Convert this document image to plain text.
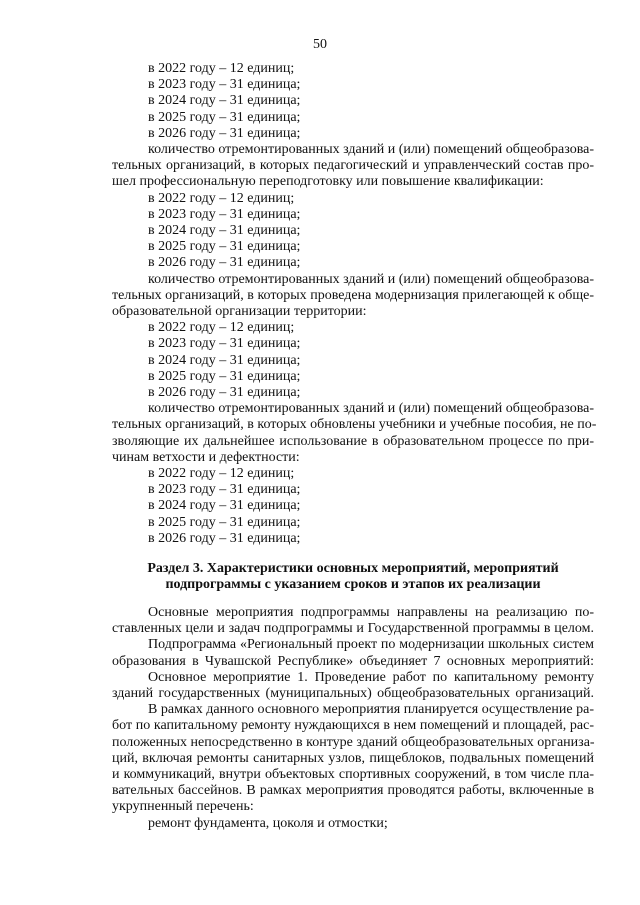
50
в 2022 году – 12 единиц;
в 2023 году – 31 единица;
в 2024 году – 31 единица;
в 2025 году – 31 единица;
в 2026 году – 31 единица;
количество отремонтированных зданий и (или) помещений общеобразова-
тельных организаций, в которых педагогический и управленческий состав про-
шел профессиональную переподготовку или повышение квалификации:
в 2022 году – 12 единиц;
в 2023 году – 31 единица;
в 2024 году – 31 единица;
в 2025 году – 31 единица;
в 2026 году – 31 единица;
количество отремонтированных зданий и (или) помещений общеобразова-
тельных организаций, в которых проведена модернизация прилегающей к обще-
образовательной организации территории:
в 2022 году – 12 единиц;
в 2023 году – 31 единица;
в 2024 году – 31 единица;
в 2025 году – 31 единица;
в 2026 году – 31 единица;
количество отремонтированных зданий и (или) помещений общеобразова-
тельных организаций, в которых обновлены учебники и учебные пособия, не по-
зволяющие их дальнейшее использование в образовательном процессе по при-
чинам ветхости и дефектности:
в 2022 году – 12 единиц;
в 2023 году – 31 единица;
в 2024 году – 31 единица;
в 2025 году – 31 единица;
в 2026 году – 31 единица;
Раздел 3. Характеристики основных мероприятий, мероприятий
подпрограммы с указанием сроков и этапов их реализации
Основные мероприятия подпрограммы направлены на реализацию по-
ставленных цели и задач подпрограммы и Государственной программы в целом.
Подпрограмма «Региональный проект по модернизации школьных систем
образования в Чувашской Республике» объединяет 7 основных мероприятий:
Основное мероприятие 1. Проведение работ по капитальному ремонту
зданий государственных (муниципальных) общеобразовательных организаций.
В рамках данного основного мероприятия планируется осуществление ра-
бот по капитальному ремонту нуждающихся в нем помещений и площадей, рас-
положенных непосредственно в контуре зданий общеобразовательных организа-
ций, включая ремонты санитарных узлов, пищеблоков, подвальных помещений
и коммуникаций, внутри объектовых спортивных сооружений, в том числе пла-
вательных бассейнов. В рамках мероприятия проводятся работы, включенные в
укрупненный перечень:
ремонт фундамента, цоколя и отмостки;
